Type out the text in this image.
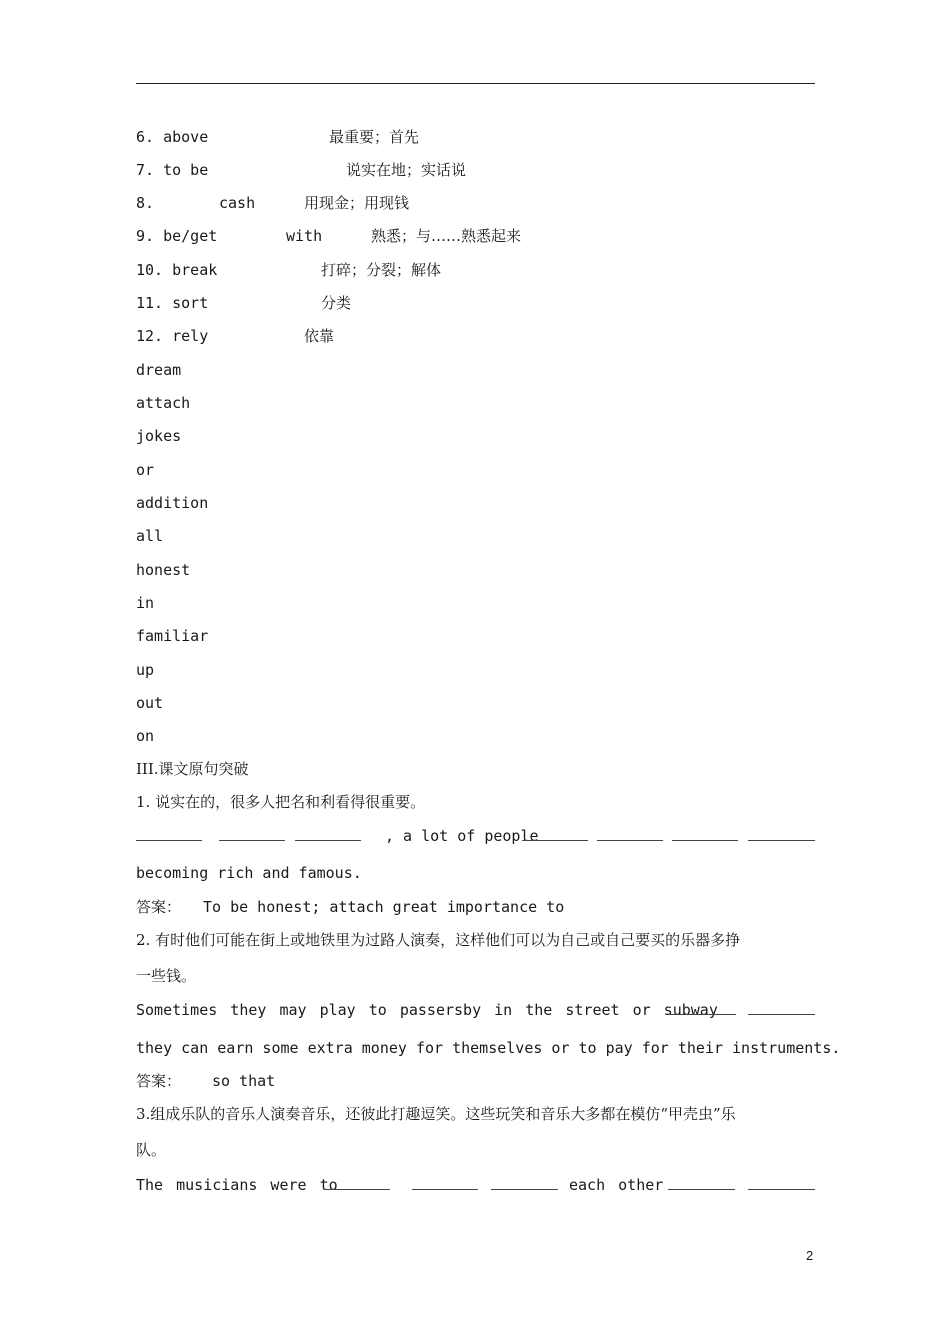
6. above	最重要；首先
7. to be	说实在地；实话说
8.	cash	用现金；用现钱
9. be/get	with	熟悉；与……熟悉起来
10. break	打碎；分裂；解体
11. sort	分类
12. rely	依靠
dream
attach
jokes
or
addition
all
honest
in
familiar
up
out
on
III.课文原句突破
1. 说实在的，很多人把名和利看得很重要。
, a lot of people
becoming rich and famous.
答案： To be honest; attach great importance to
2. 有时他们可能在街上或地铁里为过路人演奏，这样他们可以为自己或自己要买的乐器多挣
一些钱。
Sometimes they may play to passersby in the street or subway
they can earn some extra money for themselves or to pay for their instruments.
答案： so that
3.组成乐队的音乐人演奏音乐，还彼此打趣逗笑。这些玩笑和音乐大多都在模仿“甲壳虫”乐
队。
The musicians were to	each other
2
